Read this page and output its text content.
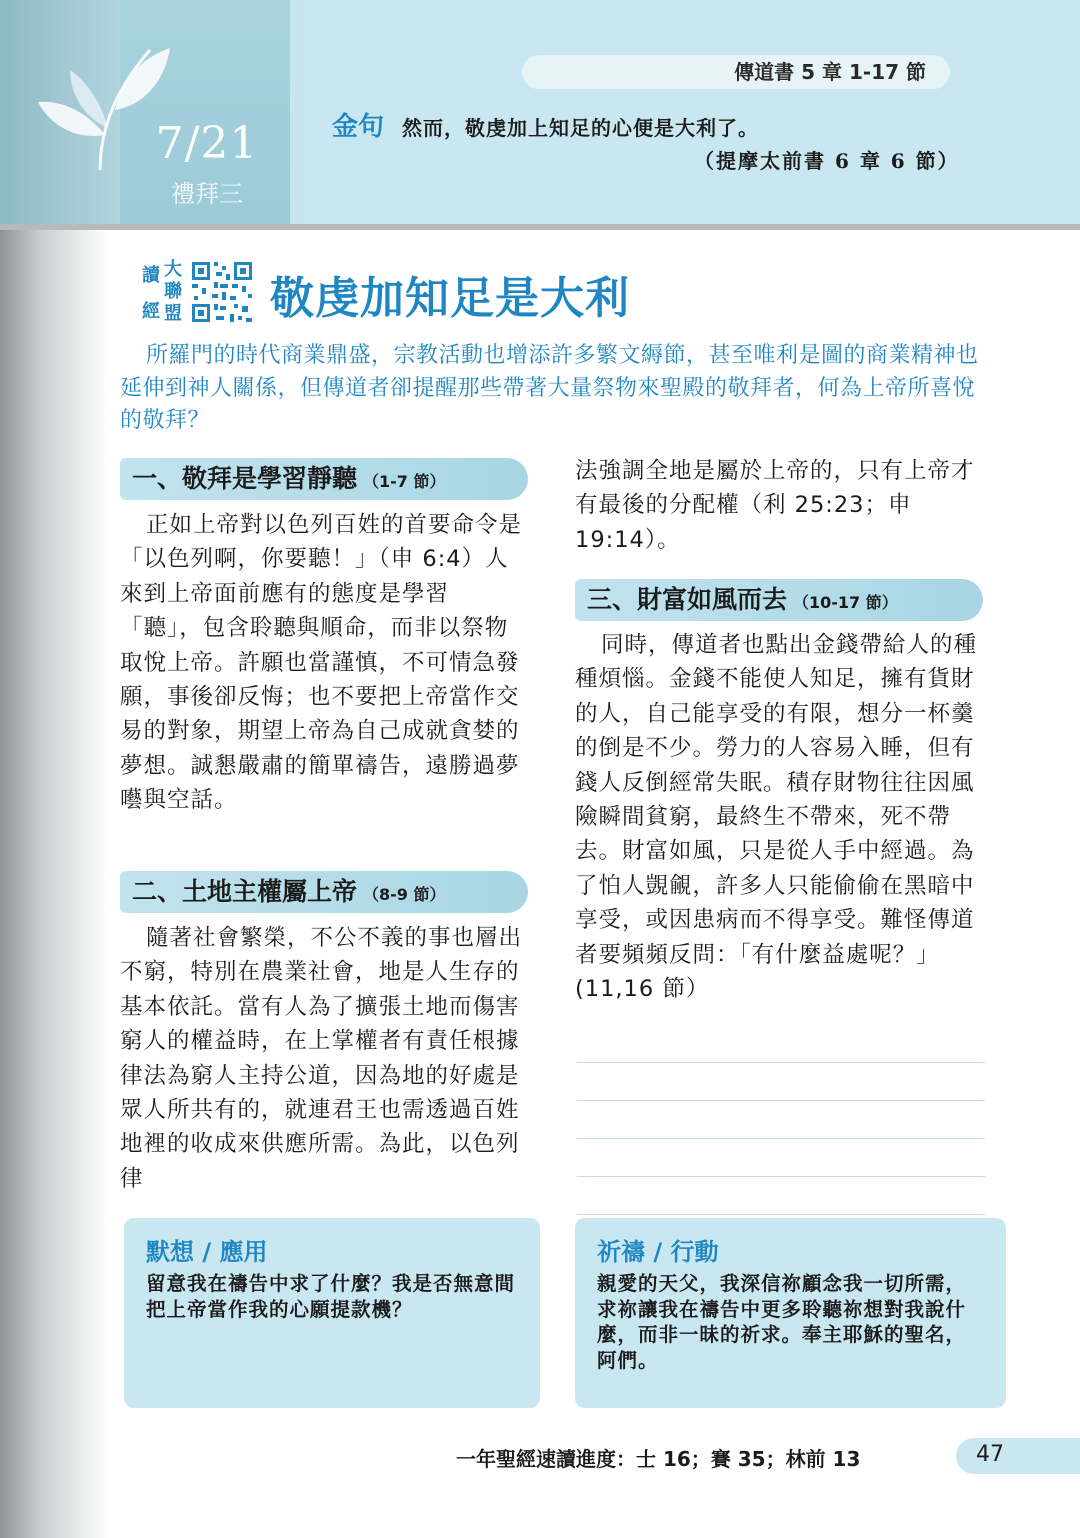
7/21
禮拜三
傳道書 5 章 1-17 節
金句 然而，敬虔加上知足的心便是大利了。
（提摩太前書 6 章 6 節）
讀
經
大
聯
盟 敬虔加知足是大利
所羅門的時代商業鼎盛，宗教活動也增添許多繁文縟節，甚至唯利是圖的商業精神也延伸到神人關係，但傳道者卻提醒那些帶著大量祭物來聖殿的敬拜者，何為上帝所喜悅的敬拜？
一、敬拜是學習靜聽 （1-7 節）
正如上帝對以色列百姓的首要命令是「以色列啊，你要聽！」（申 6:4）人來到上帝面前應有的態度是學習「聽」，包含聆聽與順命，而非以祭物取悅上帝。許願也當謹慎，不可情急發願，事後卻反悔；也不要把上帝當作交易的對象，期望上帝為自己成就貪婪的夢想。誠懇嚴肅的簡單禱告，遠勝過夢囈與空話。
二、土地主權屬上帝 （8-9 節）
隨著社會繁榮，不公不義的事也層出不窮，特別在農業社會，地是人生存的基本依託。當有人為了擴張土地而傷害窮人的權益時，在上掌權者有責任根據律法為窮人主持公道，因為地的好處是眾人所共有的，就連君王也需透過百姓地裡的收成來供應所需。為此，以色列律
法強調全地是屬於上帝的，只有上帝才有最後的分配權（利 25:23；申 19:14）。
三、財富如風而去 （10-17 節）
同時，傳道者也點出金錢帶給人的種種煩惱。金錢不能使人知足，擁有貨財的人，自己能享受的有限，想分一杯羹的倒是不少。勞力的人容易入睡，但有錢人反倒經常失眠。積存財物往往因風險瞬間貧窮，最終生不帶來，死不帶去。財富如風，只是從人手中經過。為了怕人覬覦，許多人只能偷偷在黑暗中享受，或因患病而不得享受。難怪傳道者要頻頻反問：「有什麼益處呢？」(11,16 節）
默想 / 應用
留意我在禱告中求了什麼？我是否無意間把上帝當作我的心願提款機？
祈禱 / 行動
親愛的天父，我深信祢顧念我一切所需，求祢讓我在禱告中更多聆聽祢想對我說什麼，而非一昧的祈求。奉主耶穌的聖名，阿們。
一年聖經速讀進度：士 16；賽 35；林前 13	47
